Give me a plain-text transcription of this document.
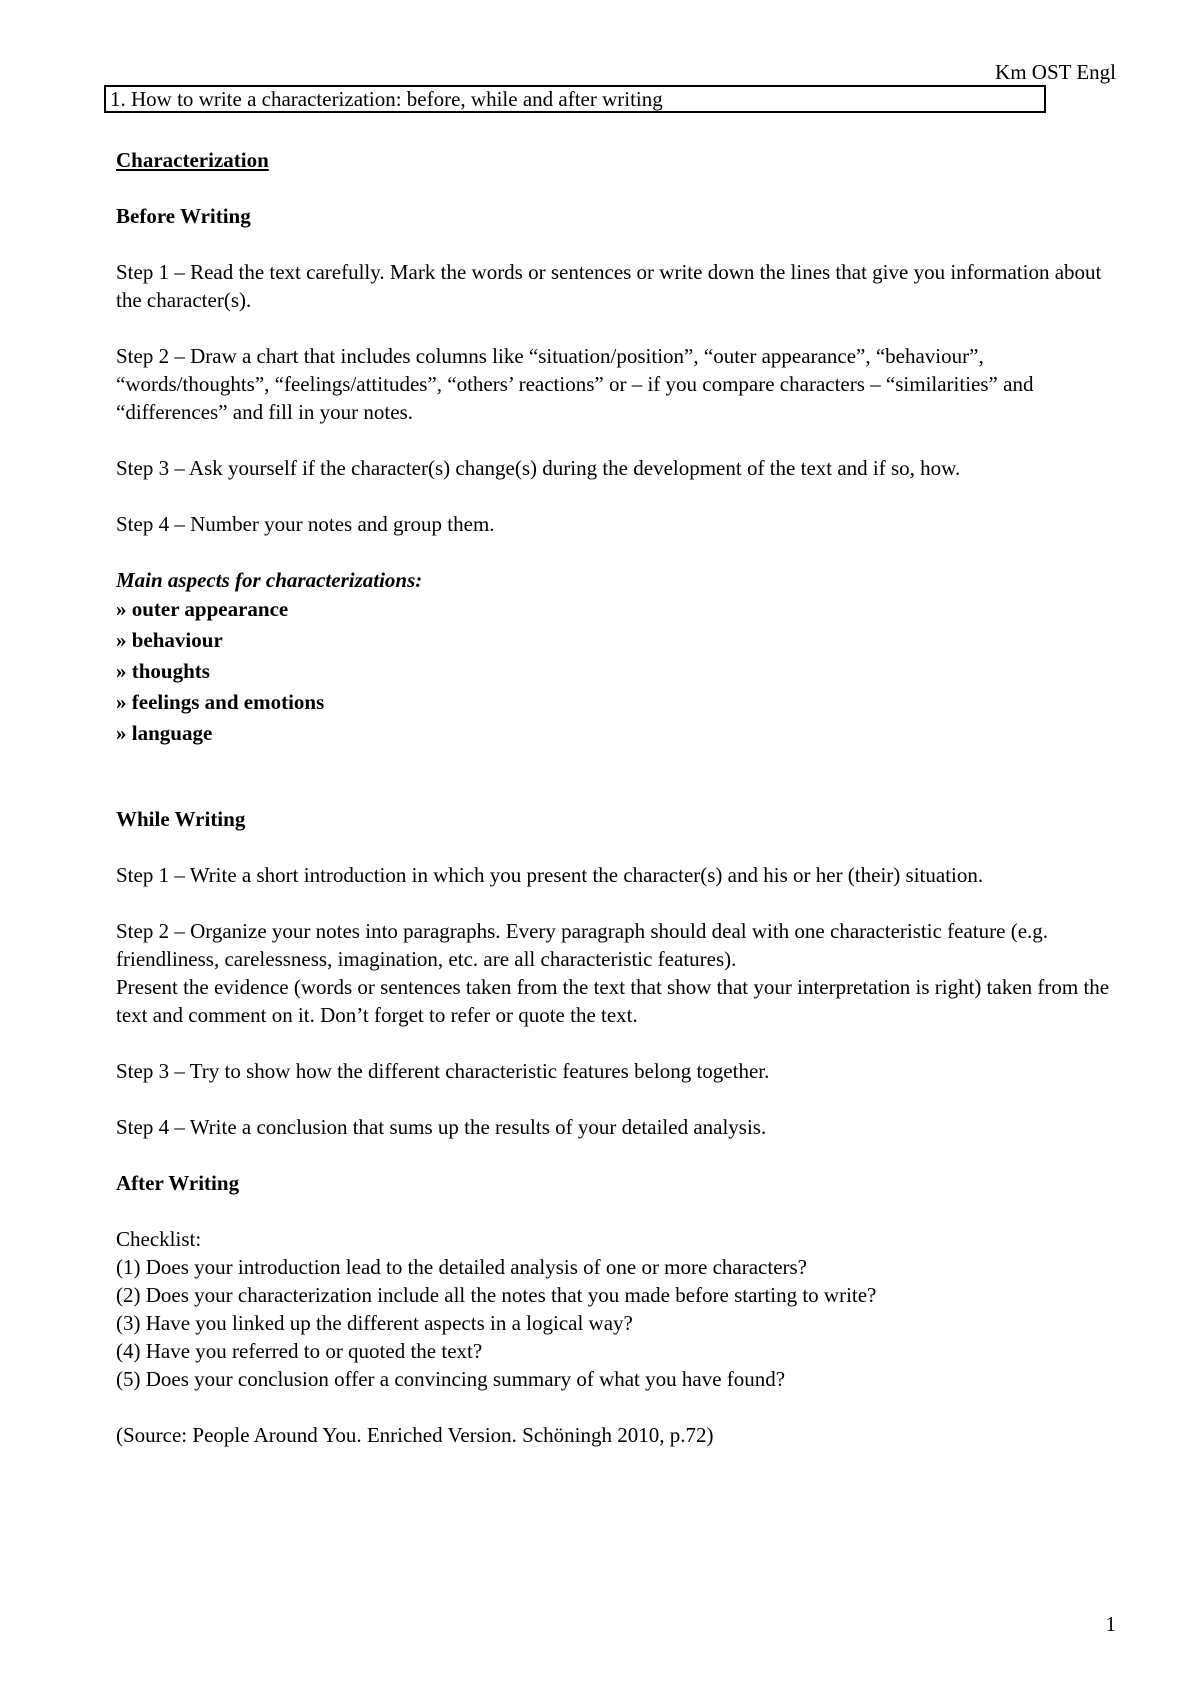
Km OST Engl
1. How to write a characterization: before, while and after writing

Characterization

Before Writing

Step 1 – Read the text carefully. Mark the words or sentences or write down the lines that give you information about the character(s).

Step 2 – Draw a chart that includes columns like “situation/position”, “outer appearance”, “behaviour”, “words/thoughts”, “feelings/attitudes”, “others’ reactions” or – if you compare characters – “similarities” and “differences” and fill in your notes.

Step 3 – Ask yourself if the character(s) change(s) during the development of the text and if so, how.

Step 4 – Number your notes and group them.

Main aspects for characterizations:

» outer appearance

» behaviour

» thoughts

» feelings and emotions

» language

While Writing

Step 1 – Write a short introduction in which you present the character(s) and his or her (their) situation.

Step 2 – Organize your notes into paragraphs. Every paragraph should deal with one characteristic feature (e.g. friendliness, carelessness, imagination, etc. are all characteristic features).

Present the evidence (words or sentences taken from the text that show that your interpretation is right) taken from the text and comment on it. Don’t forget to refer or quote the text.

Step 3 – Try to show how the different characteristic features belong together.

Step 4 – Write a conclusion that sums up the results of your detailed analysis.

After Writing

Checklist:

(1) Does your introduction lead to the detailed analysis of one or more characters?

(2) Does your characterization include all the notes that you made before starting to write?

(3) Have you linked up the different aspects in a logical way?

(4) Have you referred to or quoted the text?

(5) Does your conclusion offer a convincing summary of what you have found?

(Source: People Around You. Enriched Version. Schöningh 2010, p.72)

1
